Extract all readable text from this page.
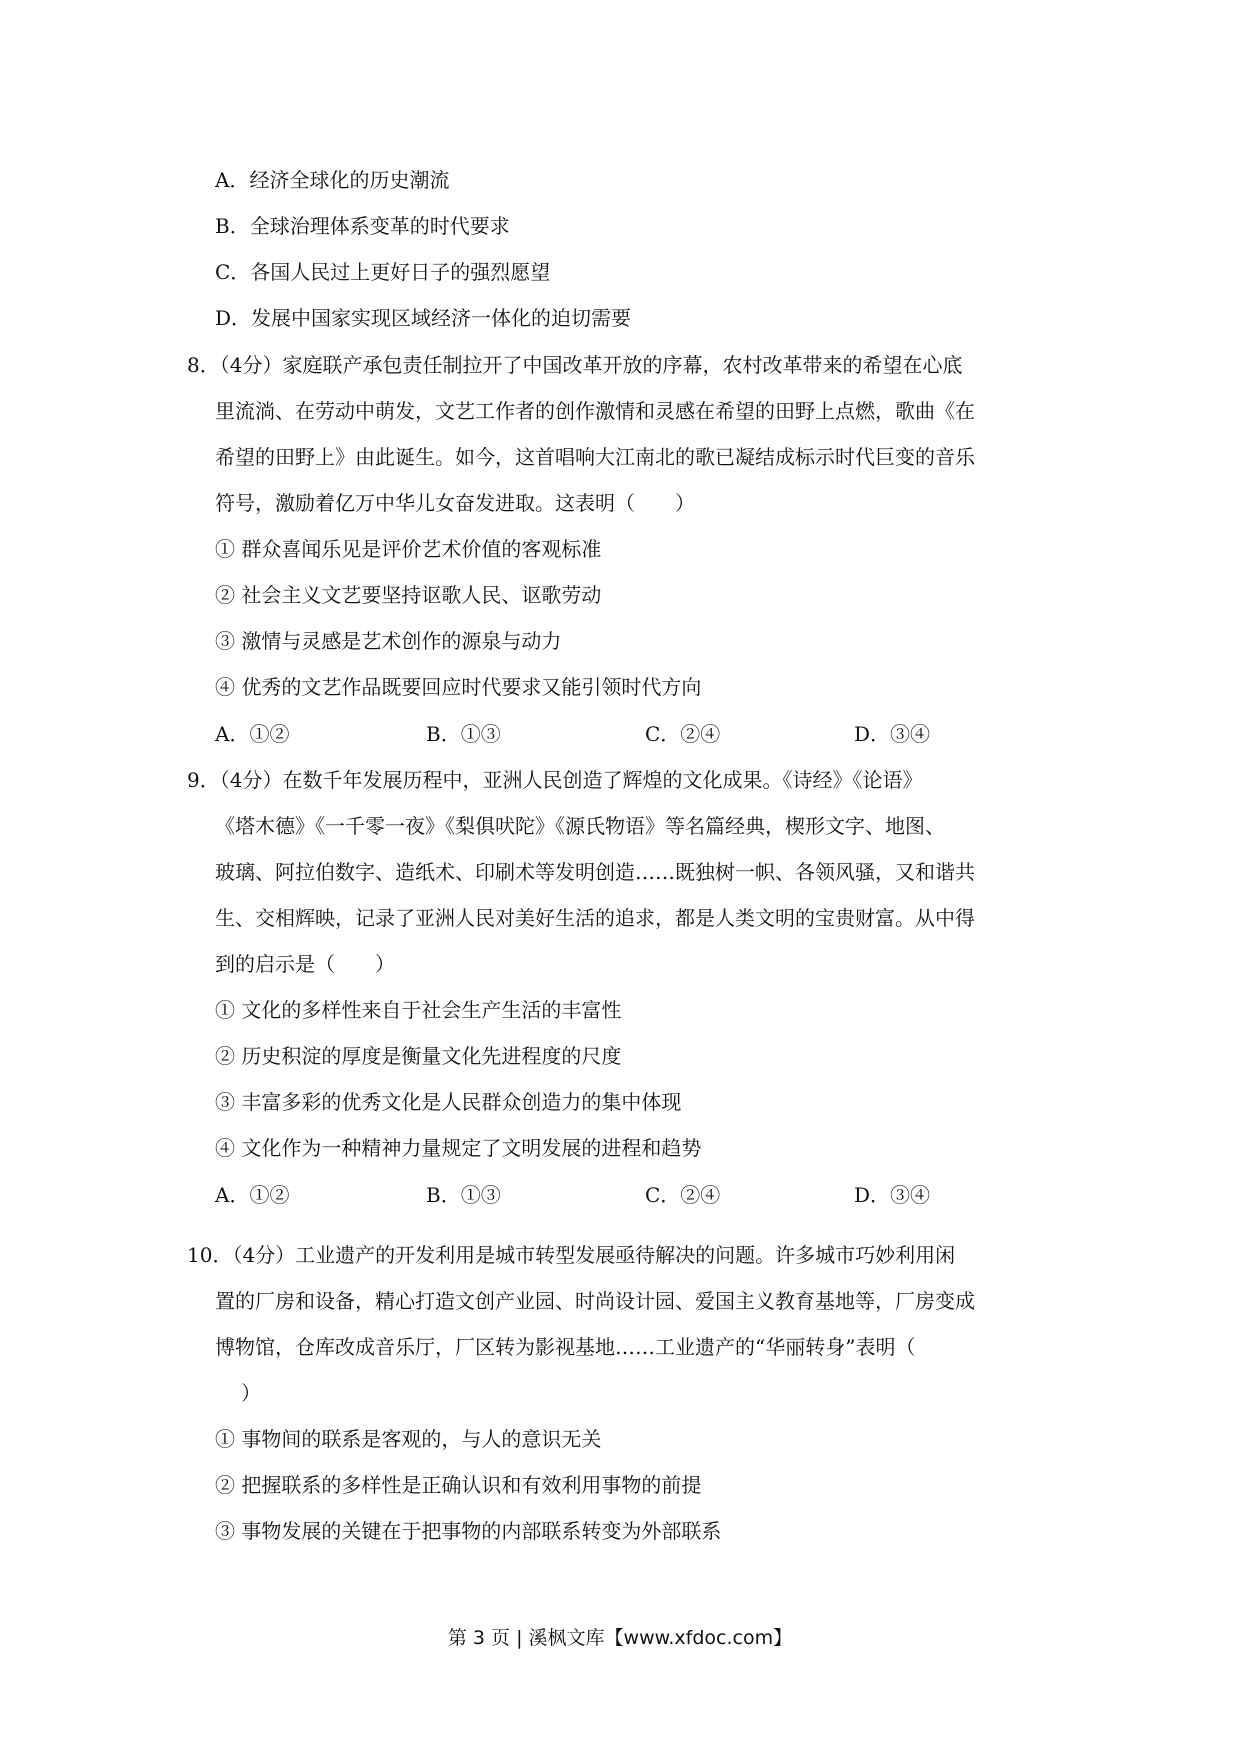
A．经济全球化的历史潮流
B．全球治理体系变革的时代要求
C．各国人民过上更好日子的强烈愿望
D．发展中国家实现区域经济一体化的迫切需要
8．（4分）家庭联产承包责任制拉开了中国改革开放的序幕，农村改革带来的希望在心底
里流淌、在劳动中萌发，文艺工作者的创作激情和灵感在希望的田野上点燃，歌曲《在
希望的田野上》由此诞生。如今，这首唱响大江南北的歌已凝结成标示时代巨变的音乐
符号，激励着亿万中华儿女奋发进取。这表明（　　）
① 群众喜闻乐见是评价艺术价值的客观标准
② 社会主义文艺要坚持讴歌人民、讴歌劳动
③ 激情与灵感是艺术创作的源泉与动力
④ 优秀的文艺作品既要回应时代要求又能引领时代方向
A．①②	B．①③	C．②④	D．③④
9．（4分）在数千年发展历程中，亚洲人民创造了辉煌的文化成果。《诗经》《论语》
《塔木德》《一千零一夜》《梨俱吠陀》《源氏物语》等名篇经典，楔形文字、地图、
玻璃、阿拉伯数字、造纸术、印刷术等发明创造……既独树一帜、各领风骚，又和谐共
生、交相辉映，记录了亚洲人民对美好生活的追求，都是人类文明的宝贵财富。从中得
到的启示是（　　）
① 文化的多样性来自于社会生产生活的丰富性
② 历史积淀的厚度是衡量文化先进程度的尺度
③ 丰富多彩的优秀文化是人民群众创造力的集中体现
④ 文化作为一种精神力量规定了文明发展的进程和趋势
A．①②	B．①③	C．②④	D．③④
10．（4分）工业遗产的开发利用是城市转型发展亟待解决的问题。许多城市巧妙利用闲
置的厂房和设备，精心打造文创产业园、时尚设计园、爱国主义教育基地等，厂房变成
博物馆，仓库改成音乐厅，厂区转为影视基地……工业遗产的“华丽转身”表明（
）
① 事物间的联系是客观的，与人的意识无关
② 把握联系的多样性是正确认识和有效利用事物的前提
③ 事物发展的关键在于把事物的内部联系转变为外部联系
第 3 页 | 溪枫文库【www.xfdoc.com】
